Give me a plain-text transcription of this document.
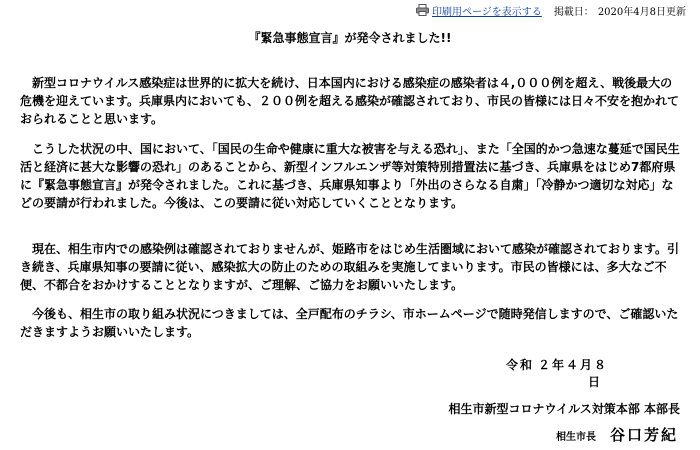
印刷用ページを表示する 掲載日： 2020年4月8日更新
『緊急事態宣言』が発令されました!!

新型コロナウイルス感染症は世界的に拡大を続け、日本国内における感染症の感染者は４,０００例を超え、戦後最大の危機を迎えています。兵庫県内においても、２００例を超える感染が確認されており、市民の皆様には日々不安を抱かれておられることと思います。

こうした状況の中、国において、「国民の生命や健康に重大な被害を与える恐れ」、また「全国的かつ急速な蔓延で国民生活と経済に甚大な影響の恐れ」のあることから、新型インフルエンザ等対策特別措置法に基づき、兵庫県をはじめ7都府県に『緊急事態宣言』が発令されました。これに基づき、兵庫県知事より「外出のさらなる自粛」「冷静かつ適切な対応」などの要請が行われました。今後は、この要請に従い対応していくこととなります。

現在、相生市内での感染例は確認されておりませんが、姫路市をはじめ生活圏域において感染が確認されております。引き続き、兵庫県知事の要請に従い、感染拡大の防止のための取組みを実施してまいります。市民の皆様には、多大なご不便、不都合をおかけすることとなりますが、ご理解、ご協力をお願いいたします。

今後も、相生市の取り組み状況につきましては、全戸配布のチラシ、市ホームページで随時発信しますので、ご確認いただきますようお願いいたします。

令和 ２年４月８
日
相生市新型コロナウイルス対策本部 本部長
相生市長 谷口芳紀
